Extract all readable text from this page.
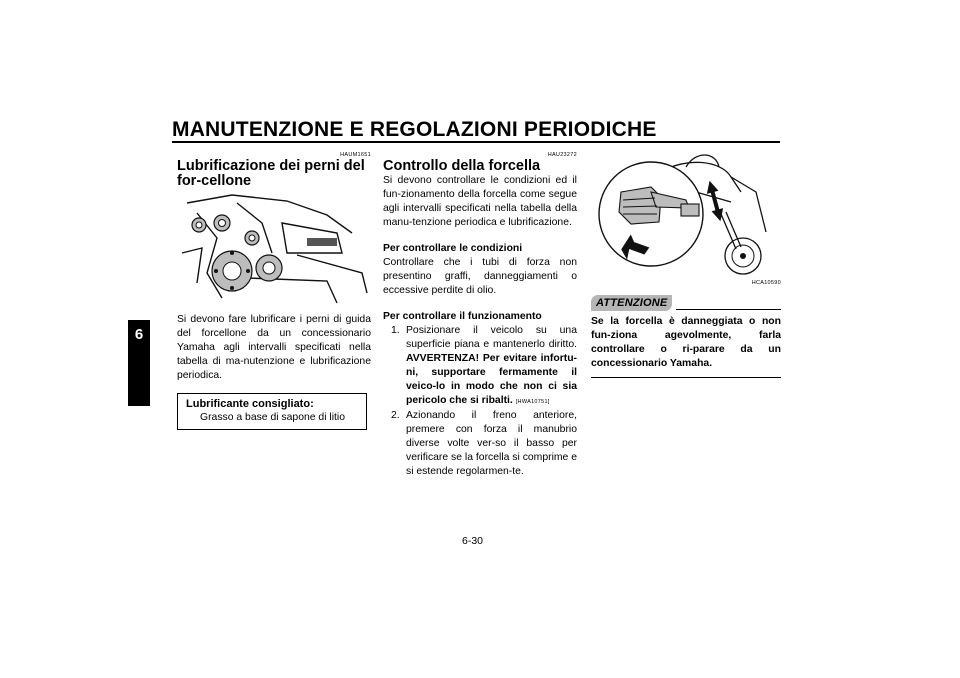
MANUTENZIONE E REGOLAZIONI PERIODICHE
6
HAUM1651
Lubrificazione dei perni del for-cellone

Si devono fare lubrificare i perni di guida del forcellone da un concessionario Yamaha agli intervalli specificati nella tabella di ma-nutenzione e lubrificazione periodica.

Lubrificante consigliato:
Grasso a base di sapone di litio
HAU23272
Controllo della forcella

Si devono controllare le condizioni ed il fun-zionamento della forcella come segue agli intervalli specificati nella tabella della manu-tenzione periodica e lubrificazione.

Per controllare le condizioni

Controllare che i tubi di forza non presentino graffi, danneggiamenti o eccessive perdite di olio.

Per controllare il funzionamento
1. Posizionare il veicolo su una superficie piana e mantenerlo diritto. AVVERTENZA! Per evitare infortu-ni, supportare fermamente il veico-lo in modo che non ci sia pericolo che si ribalti. [HWA10751]
2. Azionando il freno anteriore, premere con forza il manubrio diverse volte ver-so il basso per verificare se la forcella si comprime e si estende regolarmen-te.
HCA10590
ATTENZIONE
Se la forcella è danneggiata o non fun-ziona agevolmente, farla controllare o ri-parare da un concessionario Yamaha.
6-30
